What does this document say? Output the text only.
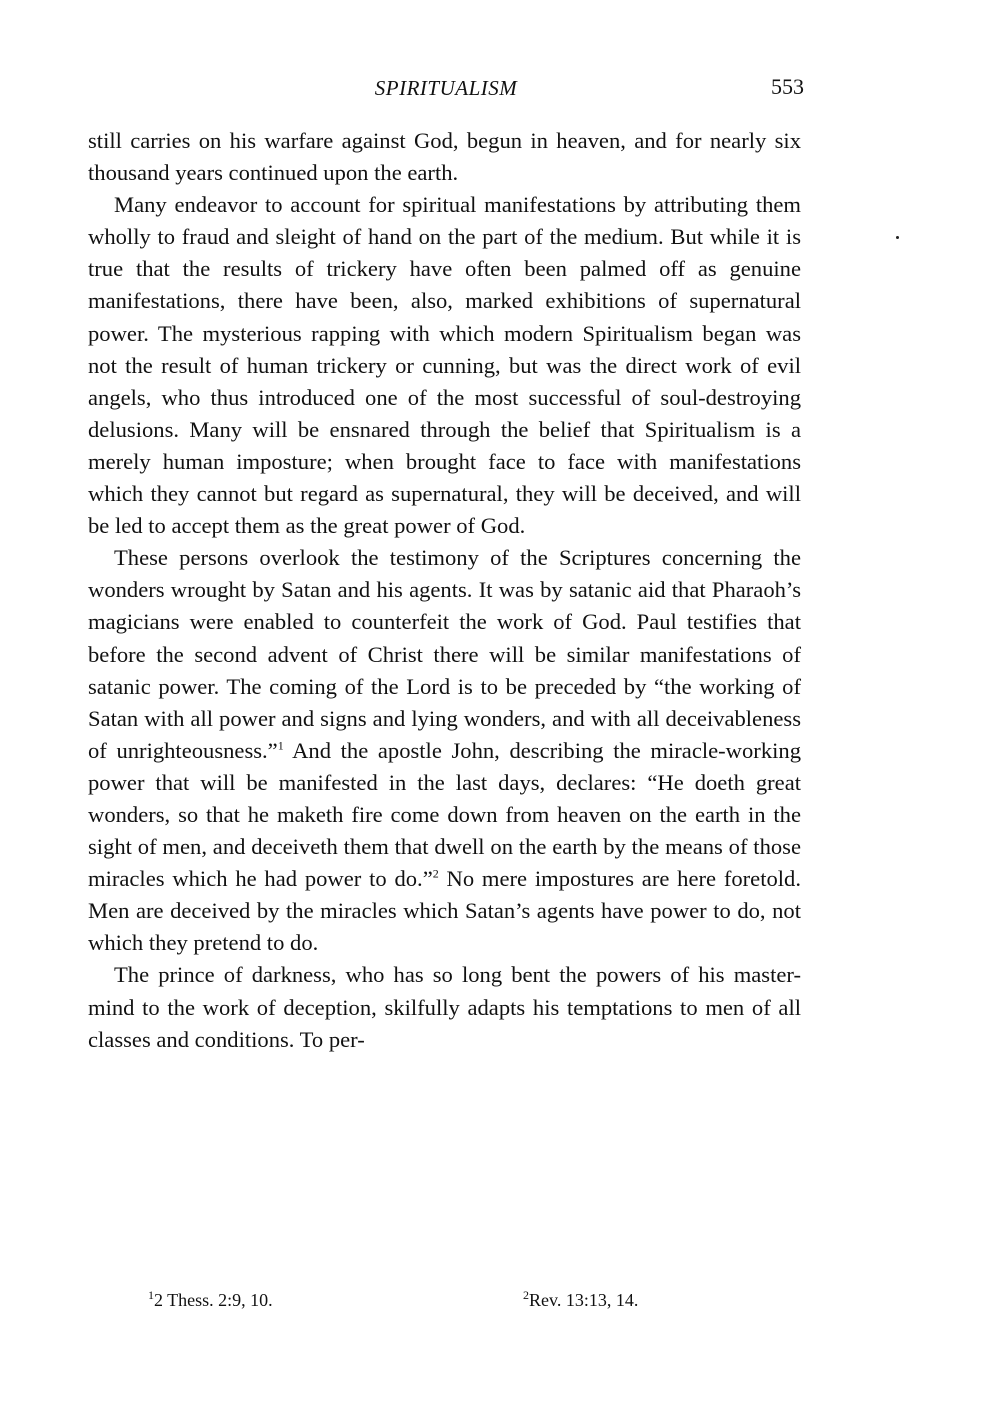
SPIRITUALISM	553

still carries on his warfare against God, begun in heaven, and for nearly six thousand years continued upon the earth.

Many endeavor to account for spiritual manifestations by attributing them wholly to fraud and sleight of hand on the part of the medium. But while it is true that the results of trickery have often been palmed off as genuine manifestations, there have been, also, marked exhibitions of supernatural power. The mysterious rapping with which modern Spiritualism began was not the result of human trickery or cunning, but was the direct work of evil angels, who thus introduced one of the most successful of soul-destroying delusions. Many will be ensnared through the belief that Spiritualism is a merely human imposture; when brought face to face with manifestations which they cannot but regard as supernatural, they will be deceived, and will be led to accept them as the great power of God.

These persons overlook the testimony of the Scriptures concerning the wonders wrought by Satan and his agents. It was by satanic aid that Pharaoh’s magicians were enabled to counterfeit the work of God. Paul testifies that before the second advent of Christ there will be similar manifestations of satanic power. The coming of the Lord is to be preceded by “the working of Satan with all power and signs and lying wonders, and with all deceivableness of unrighteousness.”$^1$ And the apostle John, describing the miracle-working power that will be manifested in the last days, declares: “He doeth great wonders, so that he maketh fire come down from heaven on the earth in the sight of men, and deceiveth them that dwell on the earth by the means of those miracles which he had power to do.”$^2$ No mere impostures are here foretold. Men are deceived by the miracles which Satan’s agents have power to do, not which they pretend to do.

The prince of darkness, who has so long bent the powers of his master-mind to the work of deception, skilfully adapts his temptations to men of all classes and conditions. To per-

$^1$2 Thess. 2:9, 10.	$^2$Rev. 13:13, 14.
